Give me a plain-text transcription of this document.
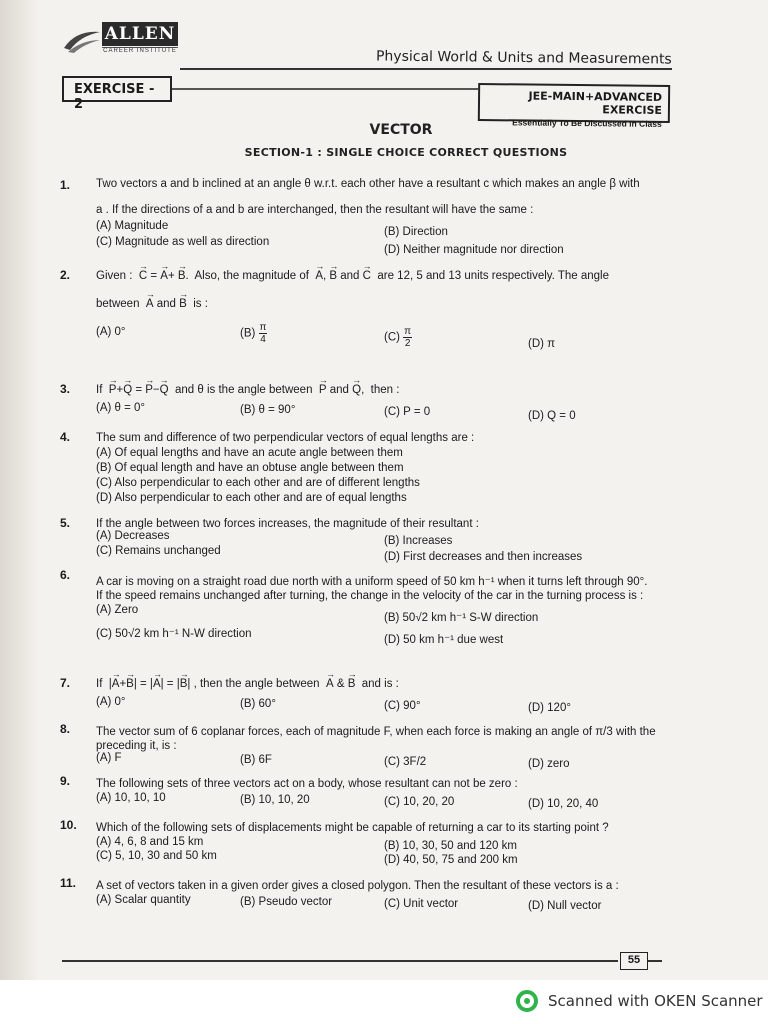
ALLEN
CAREER INSTITUTE	Physical World & Units and Measurements
EXERCISE - 2
JEE-MAIN+ADVANCED EXERCISE
Essentially To Be Discussed in Class
VECTOR
SECTION-1 : SINGLE CHOICE CORRECT QUESTIONS
1. Two vectors a and b inclined at an angle θ w.r.t. each other have a resultant c which makes an angle β with
a . If the directions of a and b are interchanged, then the resultant will have the same :
(A) Magnitude	(B) Direction
(C) Magnitude as well as direction
(D) Neither magnitude nor direction
2. Given : → C = → A+ → B.  Also, the magnitude of → A, → B and → C are 12, 5 and 13 units respectively. The angle
between → A and → B is :
(A) 0°	$(B) \frac{\pi}{4}$	$(C) \frac{\pi}{2}$	(D) π
3. If → P+→ Q = → P−→ Q and θ is the angle between → P and → Q,  then :
(A) θ = 0°	(B) θ = 90°	(C) P = 0	(D) Q = 0
4. The sum and difference of two perpendicular vectors of equal lengths are :
(A) Of equal lengths and have an acute angle between them
(B) Of equal length and have an obtuse angle between them
(C) Also perpendicular to each other and are of different lengths
(D) Also perpendicular to each other and are of equal lengths
5. If the angle between two forces increases, the magnitude of their resultant :
(A) Decreases	(B) Increases
(C) Remains unchanged	(D) First decreases and then increases
6. A car is moving on a straight road due north with a uniform speed of 50 km h⁻¹ when it turns left through 90°.
If the speed remains unchanged after turning, the change in the velocity of the car in the turning process is :
(A) Zero
(B) 50√2 km h⁻¹ S-W direction
(C) 50√2 km h⁻¹ N-W direction	(D) 50 km h⁻¹ due west
7. If  |→ A+→ B| = |→ A| = |→ B| , then the angle between → A & → B and is :
(A) 0°	(B) 60°	(C) 90°	(D) 120°
8. The vector sum of 6 coplanar forces, each of magnitude F, when each force is making an angle of π/3 with the
preceding it, is :
(A) F	(B) 6F	(C) 3F/2	(D) zero
9. The following sets of three vectors act on a body, whose resultant can not be zero :
(A) 10, 10, 10	(B) 10, 10, 20	(C) 10, 20, 20	(D) 10, 20, 40
10. Which of the following sets of displacements might be capable of returning a car to its starting point ?
(A) 4, 6, 8 and 15 km	(B) 10, 30, 50 and 120 km
(C) 5, 10, 30 and 50 km	(D) 40, 50, 75 and 200 km
11. A set of vectors taken in a given order gives a closed polygon. Then the resultant of these vectors is a :
(A) Scalar quantity	(B) Pseudo vector	(C) Unit vector	(D) Null vector
55
Scanned with OKEN Scanner
